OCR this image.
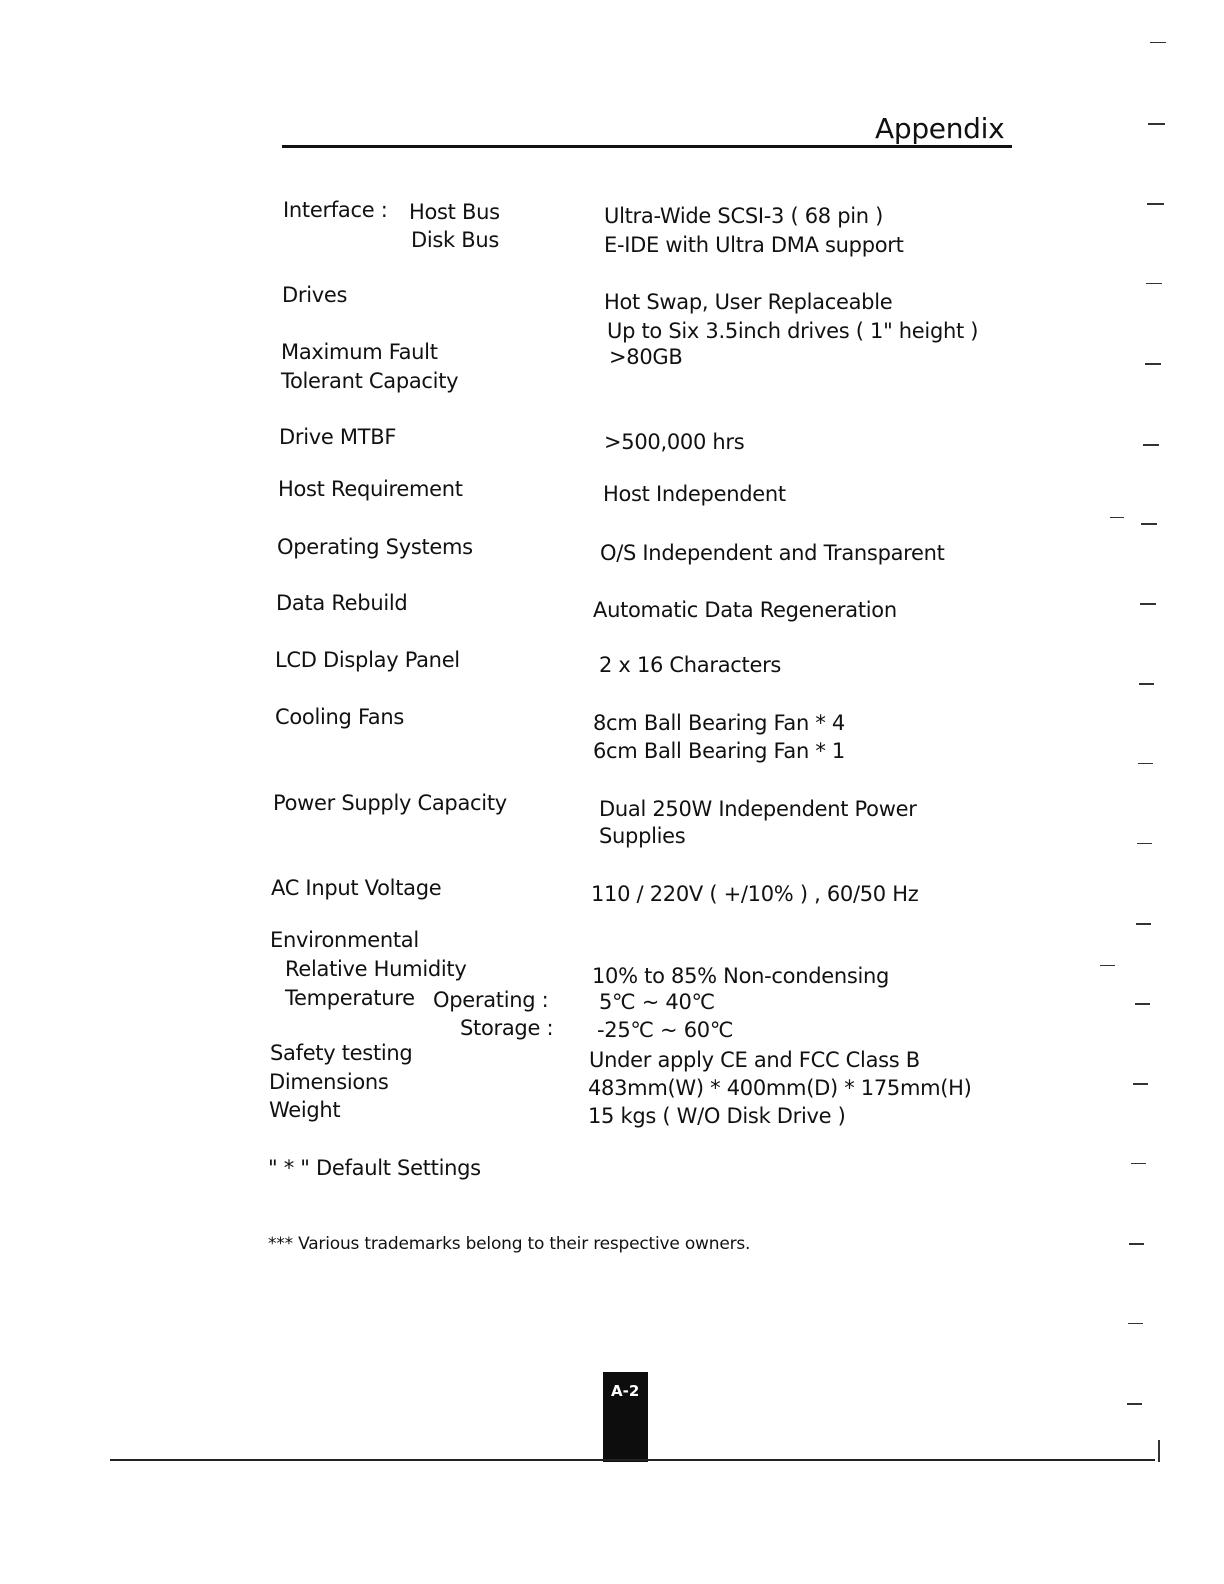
Appendix
Interface : Host Bus	Ultra-Wide SCSI-3 ( 68 pin )
Disk Bus	E-IDE with Ultra DMA support
Drives	Hot Swap, User Replaceable
Up to Six 3.5inch drives ( 1" height )
Maximum Fault	>80GB
Tolerant Capacity
Drive MTBF	>500,000 hrs
Host Requirement	Host Independent
Operating Systems	O/S Independent and Transparent
Data Rebuild	Automatic Data Regeneration
LCD Display Panel	2 x 16 Characters
Cooling Fans	8cm Ball Bearing Fan * 4
6cm Ball Bearing Fan * 1
Power Supply Capacity	Dual 250W Independent Power
Supplies
AC Input Voltage	110 / 220V ( +/10% ) , 60/50 Hz
Environmental
Relative Humidity	10% to 85% Non-condensing
Temperature Operating : 5℃ ~ 40℃
Storage : -25℃ ~ 60℃
Safety testing	Under apply CE and FCC Class B
Dimensions	483mm(W) * 400mm(D) * 175mm(H)
Weight	15 kgs ( W/O Disk Drive )
" * " Default Settings
*** Various trademarks belong to their respective owners.
A-2
